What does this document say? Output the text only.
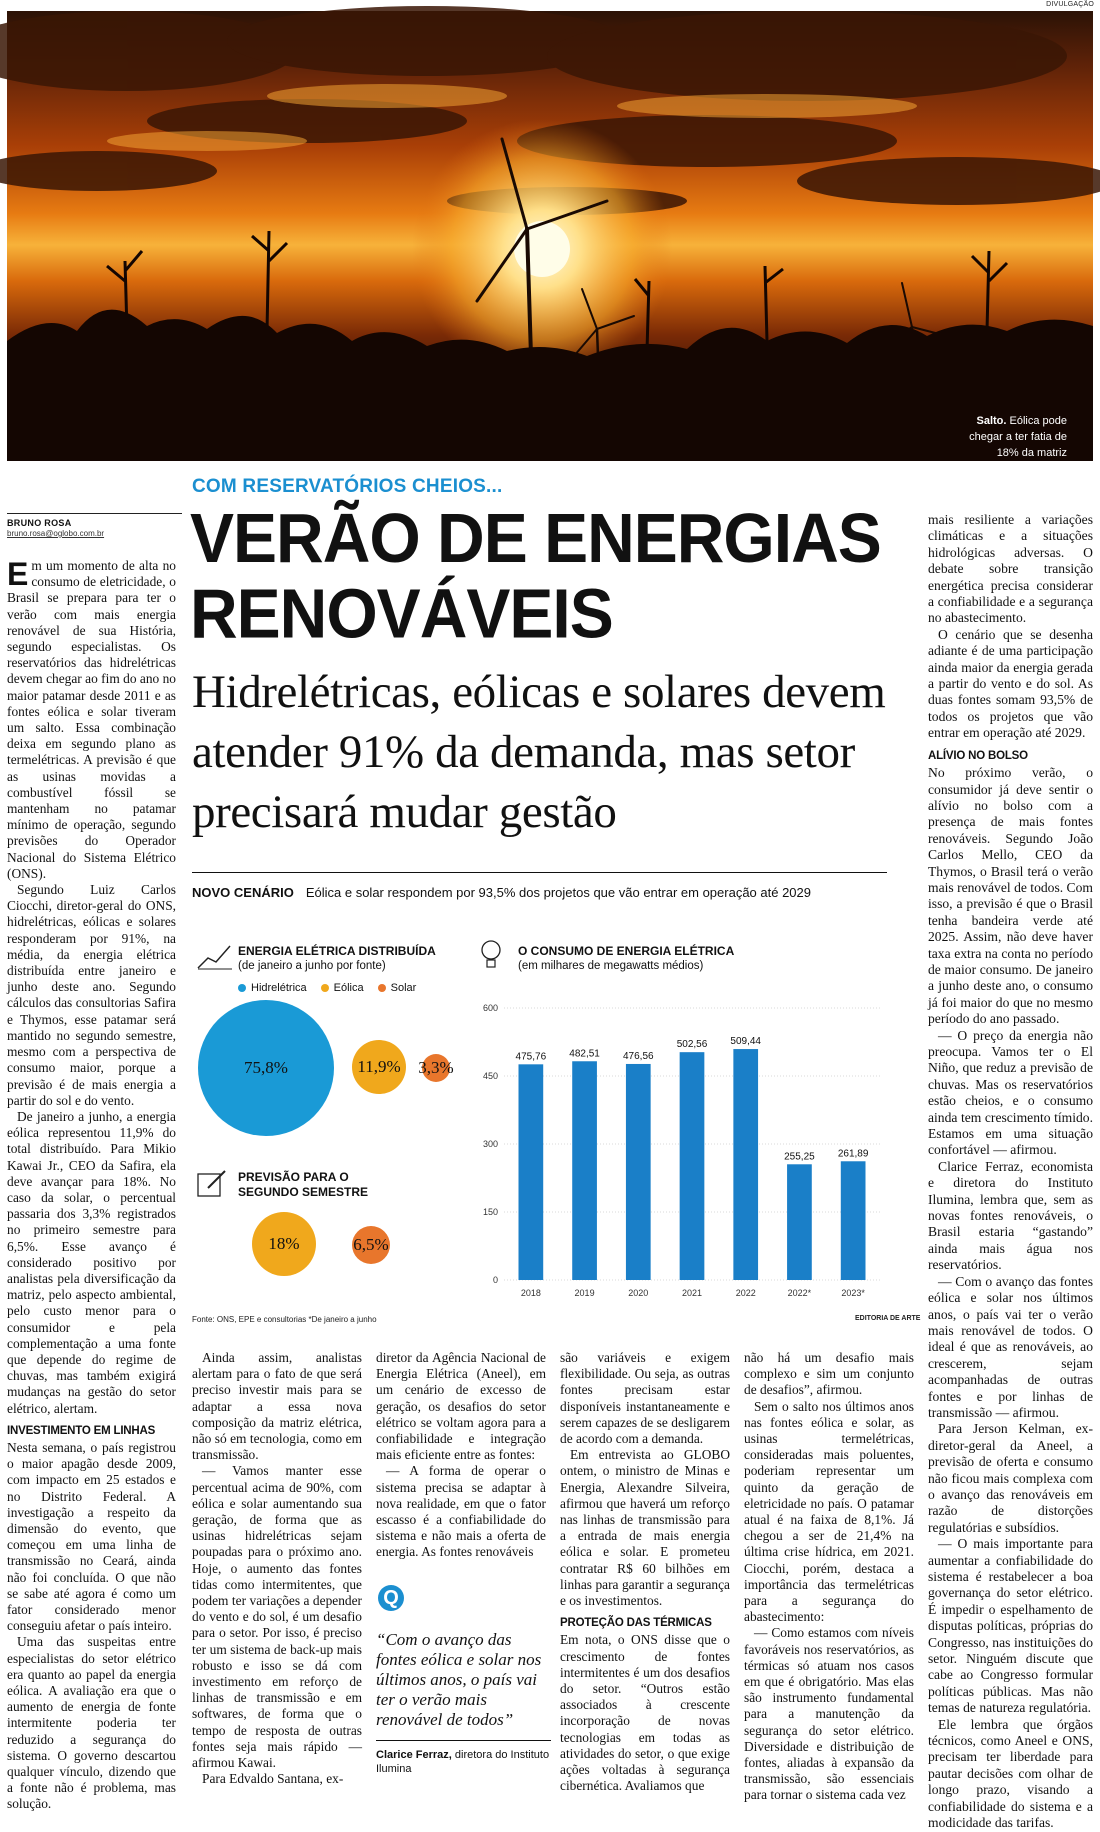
Salto. Eólica pode chegar a ter fatia de 18% da matriz
DIVULGAÇÃO
BRUNO ROSA
bruno.rosa@oglobo.com.br
COM RESERVATÓRIOS CHEIOS...
VERÃO DE ENERGIAS RENOVÁVEIS
Hidrelétricas, eólicas e solares devem atender 91% da demanda, mas setor precisará mudar gestão
NOVO CENÁRIO Eólica e solar respondem por 93,5% dos projetos que vão entrar em operação até 2029
ENERGIA ELÉTRICA DISTRIBUÍDA
(de janeiro a junho por fonte)
Hidrelétrica	Eólica	Solar
75,8%	11,9% 3,3%
PREVISÃO PARA O
SEGUNDO SEMESTRE
18%	6,5%
O CONSUMO DE ENERGIA ELÉTRICA
(em milhares de megawatts médios)
0
150
300
450
600
475,76
2018
482,51
2019
476,56
2020
502,56
2021
509,44
2022
255,25
2022*
261,89
2023*
Fonte: ONS, EPE e consultorias *De janeiro a junho	EDITORIA DE ARTE

Em um momento de alta no consumo de eletricidade, o Brasil se prepara para ter o verão com mais energia renovável de sua História, segundo especialistas. Os reservatórios das hidrelétricas devem chegar ao fim do ano no maior patamar desde 2011 e as fontes eólica e solar tiveram um salto. Essa combinação deixa em segundo plano as termelétricas. A previsão é que as usinas movidas a combustível fóssil se mantenham no patamar mínimo de operação, segundo previsões do Operador Nacional do Sistema Elétrico (ONS).

Segundo Luiz Carlos Ciocchi, diretor-geral do ONS, hidrelétricas, eólicas e solares responderam por 91%, na média, da energia elétrica distribuída entre janeiro e junho deste ano. Segundo cálculos das consultorias Safira e Thymos, esse patamar será mantido no segundo semestre, mesmo com a perspectiva de consumo maior, porque a previsão é de mais energia a partir do sol e do vento.

De janeiro a junho, a energia eólica representou 11,9% do total distribuído. Para Mikio Kawai Jr., CEO da Safira, ela deve avançar para 18%. No caso da solar, o percentual passaria dos 3,3% registrados no primeiro semestre para 6,5%. Esse avanço é considerado positivo por analistas pela diversificação da matriz, pelo aspecto ambiental, pelo custo menor para o consumidor e pela complementação a uma fonte que depende do regime de chuvas, mas também exigirá mudanças na gestão do setor elétrico, alertam.

INVESTIMENTO EM LINHAS

Nesta semana, o país registrou o maior apagão desde 2009, com impacto em 25 estados e no Distrito Federal. A investigação a respeito da dimensão do evento, que começou em uma linha de transmissão no Ceará, ainda não foi concluída. O que não se sabe até agora é como um fator considerado menor conseguiu afetar o país inteiro.

Uma das suspeitas entre especialistas do setor elétrico era quanto ao papel da energia eólica. A avaliação era que o aumento de energia de fonte intermitente poderia ter reduzido a segurança do sistema. O governo descartou qualquer vínculo, dizendo que a fonte não é problema, mas solução.

Ainda assim, analistas alertam para o fato de que será preciso investir mais para se adaptar a essa nova composição da matriz elétrica, não só em tecnologia, como em transmissão.

— Vamos manter esse percentual acima de 90%, com eólica e solar aumentando sua geração, de forma que as usinas hidrelétricas sejam poupadas para o próximo ano. Hoje, o aumento das fontes tidas como intermitentes, que podem ter variações a depender do vento e do sol, é um desafio para o setor. Por isso, é preciso ter um sistema de back-up mais robusto e isso se dá com investimento em reforço de linhas de transmissão e em softwares, de forma que o tempo de resposta de outras fontes seja mais rápido — afirmou Kawai.

Para Edvaldo Santana, ex-

diretor da Agência Nacional de Energia Elétrica (Aneel), em um cenário de excesso de geração, os desafios do setor elétrico se voltam agora para a confiabilidade e integração mais eficiente entre as fontes:

— A forma de operar o sistema precisa se adaptar à nova realidade, em que o fator escasso é a confiabilidade do sistema e não mais a oferta de energia. As fontes renováveis

Q
“Com o avanço das fontes eólica e solar nos últimos anos, o país vai ter o verão mais renovável de todos”
Clarice Ferraz, diretora do Instituto Ilumina

são variáveis e exigem flexibilidade. Ou seja, as outras fontes precisam estar disponíveis instantaneamente e serem capazes de se desligarem de acordo com a demanda.

Em entrevista ao GLOBO ontem, o ministro de Minas e Energia, Alexandre Silveira, afirmou que haverá um reforço nas linhas de transmissão para a entrada de mais energia eólica e solar. E prometeu contratar R$ 60 bilhões em linhas para garantir a segurança e os investimentos.

PROTEÇÃO DAS TÉRMICAS

Em nota, o ONS disse que o crescimento de fontes intermitentes é um dos desafios do setor. “Outros estão associados à crescente incorporação de novas tecnologias em todas as atividades do setor, o que exige ações voltadas à segurança cibernética. Avaliamos que

não há um desafio mais complexo e sim um conjunto de desafios”, afirmou.

Sem o salto nos últimos anos nas fontes eólica e solar, as usinas termelétricas, consideradas mais poluentes, poderiam representar um quinto da geração de eletricidade no país. O patamar atual é na faixa de 8,1%. Já chegou a ser de 21,4% na última crise hídrica, em 2021. Ciocchi, porém, destaca a importância das termelétricas para a segurança do abastecimento:

— Como estamos com níveis favoráveis nos reservatórios, as térmicas só atuam nos casos em que é obrigatório. Mas elas são instrumento fundamental para a manutenção da segurança do setor elétrico. Diversidade e distribuição de fontes, aliadas à expansão da transmissão, são essenciais para tornar o sistema cada vez

mais resiliente a variações climáticas e a situações hidrológicas adversas. O debate sobre transição energética precisa considerar a confiabilidade e a segurança no abastecimento.

O cenário que se desenha adiante é de uma participação ainda maior da energia gerada a partir do vento e do sol. As duas fontes somam 93,5% de todos os projetos que vão entrar em operação até 2029.

ALÍVIO NO BOLSO

No próximo verão, o consumidor já deve sentir o alívio no bolso com a presença de mais fontes renováveis. Segundo João Carlos Mello, CEO da Thymos, o Brasil terá o verão mais renovável de todos. Com isso, a previsão é que o Brasil tenha bandeira verde até 2025. Assim, não deve haver taxa extra na conta no período de maior consumo. De janeiro a junho deste ano, o consumo já foi maior do que no mesmo período do ano passado.

— O preço da energia não preocupa. Vamos ter o El Niño, que reduz a previsão de chuvas. Mas os reservatórios estão cheios, e o consumo ainda tem crescimento tímido. Estamos em uma situação confortável — afirmou.

Clarice Ferraz, economista e diretora do Instituto Ilumina, lembra que, sem as novas fontes renováveis, o Brasil estaria “gastando” ainda mais água nos reservatórios.

— Com o avanço das fontes eólica e solar nos últimos anos, o país vai ter o verão mais renovável de todos. O ideal é que as renováveis, ao crescerem, sejam acompanhadas de outras fontes e por linhas de transmissão — afirmou.

Para Jerson Kelman, ex-diretor-geral da Aneel, a previsão de oferta e consumo não ficou mais complexa com o avanço das renováveis em razão de distorções regulatórias e subsídios.

— O mais importante para aumentar a confiabilidade do sistema é restabelecer a boa governança do setor elétrico. É impedir o espelhamento de disputas políticas, próprias do Congresso, nas instituições do setor. Ninguém discute que cabe ao Congresso formular políticas públicas. Mas não temas de natureza regulatória.

Ele lembra que órgãos técnicos, como Aneel e ONS, precisam ter liberdade para pautar decisões com olhar de longo prazo, visando a confiabilidade do sistema e a modicidade das tarifas.
